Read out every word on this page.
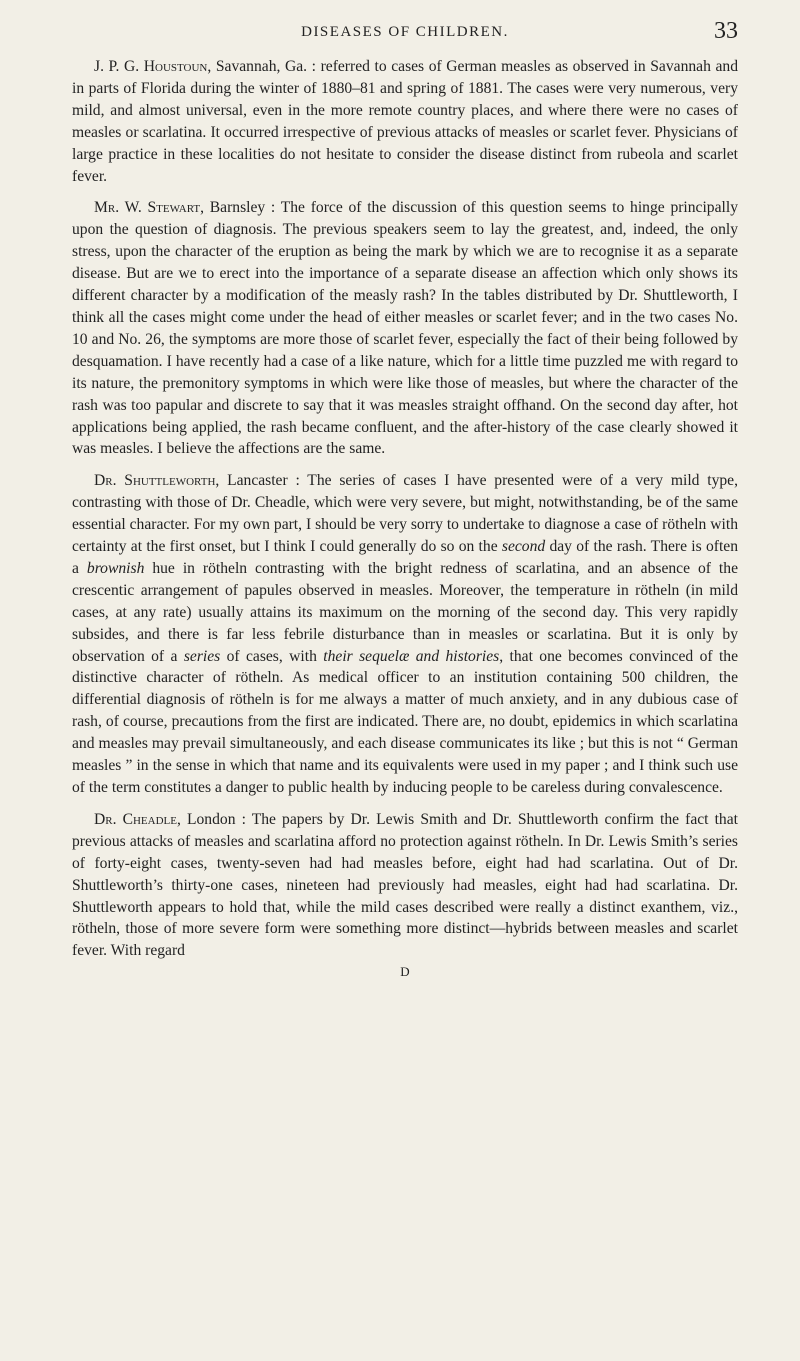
DISEASES OF CHILDREN.	33

J. P. G. Houstoun, Savannah, Ga. : referred to cases of German measles as observed in Savannah and in parts of Florida during the winter of 1880–81 and spring of 1881. The cases were very numerous, very mild, and almost universal, even in the more remote country places, and where there were no cases of measles or scarlatina. It occurred irrespective of previous attacks of measles or scarlet fever. Physicians of large practice in these localities do not hesitate to consider the disease distinct from rubeola and scarlet fever.

Mr. W. Stewart, Barnsley : The force of the discussion of this question seems to hinge principally upon the question of diagnosis. The previous speakers seem to lay the greatest, and, indeed, the only stress, upon the character of the eruption as being the mark by which we are to recognise it as a separate disease. But are we to erect into the importance of a separate disease an affection which only shows its different character by a modification of the measly rash? In the tables distributed by Dr. Shuttleworth, I think all the cases might come under the head of either measles or scarlet fever; and in the two cases No. 10 and No. 26, the symptoms are more those of scarlet fever, especially the fact of their being followed by desquamation. I have recently had a case of a like nature, which for a little time puzzled me with regard to its nature, the premonitory symptoms in which were like those of measles, but where the character of the rash was too papular and discrete to say that it was measles straight offhand. On the second day after, hot applications being applied, the rash became confluent, and the after-history of the case clearly showed it was measles. I believe the affections are the same.

Dr. Shuttleworth, Lancaster : The series of cases I have presented were of a very mild type, contrasting with those of Dr. Cheadle, which were very severe, but might, notwithstanding, be of the same essential character. For my own part, I should be very sorry to undertake to diagnose a case of rötheln with certainty at the first onset, but I think I could generally do so on the second day of the rash. There is often a brownish hue in rötheln contrasting with the bright redness of scarlatina, and an absence of the crescentic arrangement of papules observed in measles. Moreover, the temperature in rötheln (in mild cases, at any rate) usually attains its maximum on the morning of the second day. This very rapidly subsides, and there is far less febrile disturbance than in measles or scarlatina. But it is only by observation of a series of cases, with their sequelæ and histories, that one becomes convinced of the distinctive character of rötheln. As medical officer to an institution containing 500 children, the differential diagnosis of rötheln is for me always a matter of much anxiety, and in any dubious case of rash, of course, precautions from the first are indicated. There are, no doubt, epidemics in which scarlatina and measles may prevail simultaneously, and each disease communicates its like ; but this is not “ German measles ” in the sense in which that name and its equivalents were used in my paper ; and I think such use of the term constitutes a danger to public health by inducing people to be careless during convalescence.

Dr. Cheadle, London : The papers by Dr. Lewis Smith and Dr. Shuttleworth confirm the fact that previous attacks of measles and scarlatina afford no protection against rötheln. In Dr. Lewis Smith’s series of forty-eight cases, twenty-seven had had measles before, eight had had scarlatina. Out of Dr. Shuttleworth’s thirty-one cases, nineteen had previously had measles, eight had had scarlatina. Dr. Shuttleworth appears to hold that, while the mild cases described were really a distinct exanthem, viz., rötheln, those of more severe form were something more distinct—hybrids between measles and scarlet fever. With regard

D
